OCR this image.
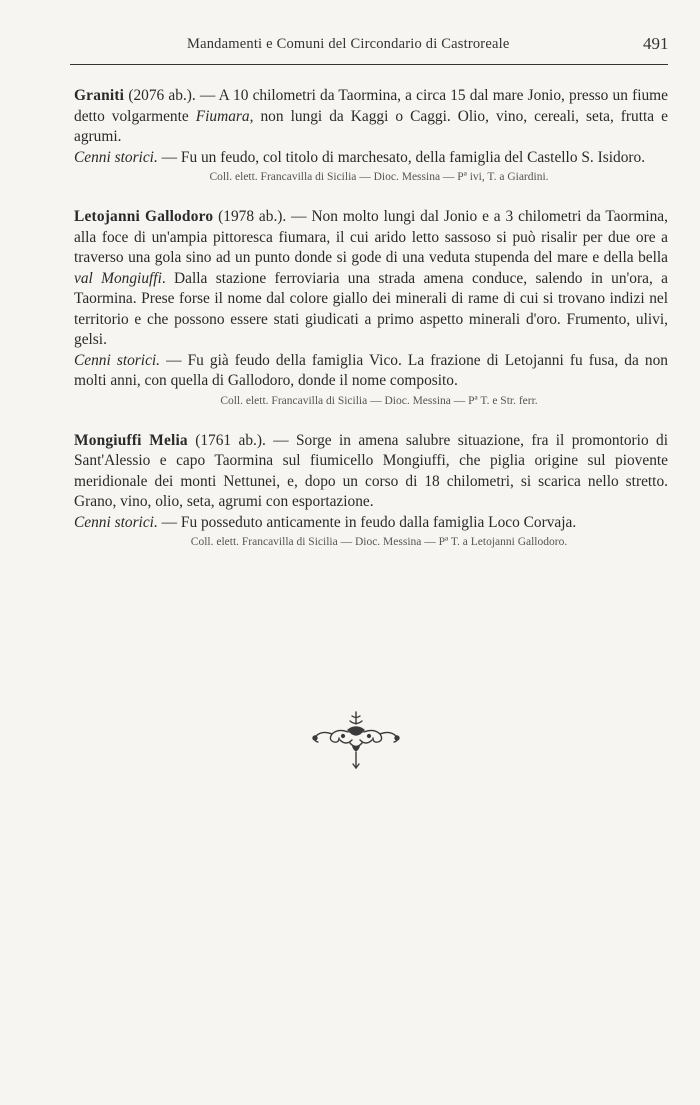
Mandamenti e Comuni del Circondario di Castroreale	491

Graniti (2076 ab.). — A 10 chilometri da Taormina, a circa 15 dal mare Jonio, presso un fiume detto volgarmente Fiumara, non lungi da Kaggi o Caggi. Olio, vino, cereali, seta, frutta e agrumi.

Cenni storici. — Fu un feudo, col titolo di marchesato, della famiglia del Castello S. Isidoro.

Coll. elett. Francavilla di Sicilia — Dioc. Messina — Pª ivi, T. a Giardini.

Letojanni Gallodoro (1978 ab.). — Non molto lungi dal Jonio e a 3 chilometri da Taormina, alla foce di un'ampia pittoresca fiumara, il cui arido letto sassoso si può risalir per due ore a traverso una gola sino ad un punto donde si gode di una veduta stupenda del mare e della bella val Mongiuffi. Dalla stazione ferroviaria una strada amena conduce, salendo in un'ora, a Taormina. Prese forse il nome dal colore giallo dei minerali di rame di cui si trovano indizi nel territorio e che possono essere stati giudicati a primo aspetto minerali d'oro. Frumento, ulivi, gelsi.

Cenni storici. — Fu già feudo della famiglia Vico. La frazione di Letojanni fu fusa, da non molti anni, con quella di Gallodoro, donde il nome composito.

Coll. elett. Francavilla di Sicilia — Dioc. Messina — Pª T. e Str. ferr.

Mongiuffi Melia (1761 ab.). — Sorge in amena salubre situazione, fra il promontorio di Sant'Alessio e capo Taormina sul fiumicello Mongiuffi, che piglia origine sul piovente meridionale dei monti Nettunei, e, dopo un corso di 18 chilometri, si scarica nello stretto. Grano, vino, olio, seta, agrumi con esportazione.

Cenni storici. — Fu posseduto anticamente in feudo dalla famiglia Loco Corvaja.

Coll. elett. Francavilla di Sicilia — Dioc. Messina — Pª T. a Letojanni Gallodoro.
